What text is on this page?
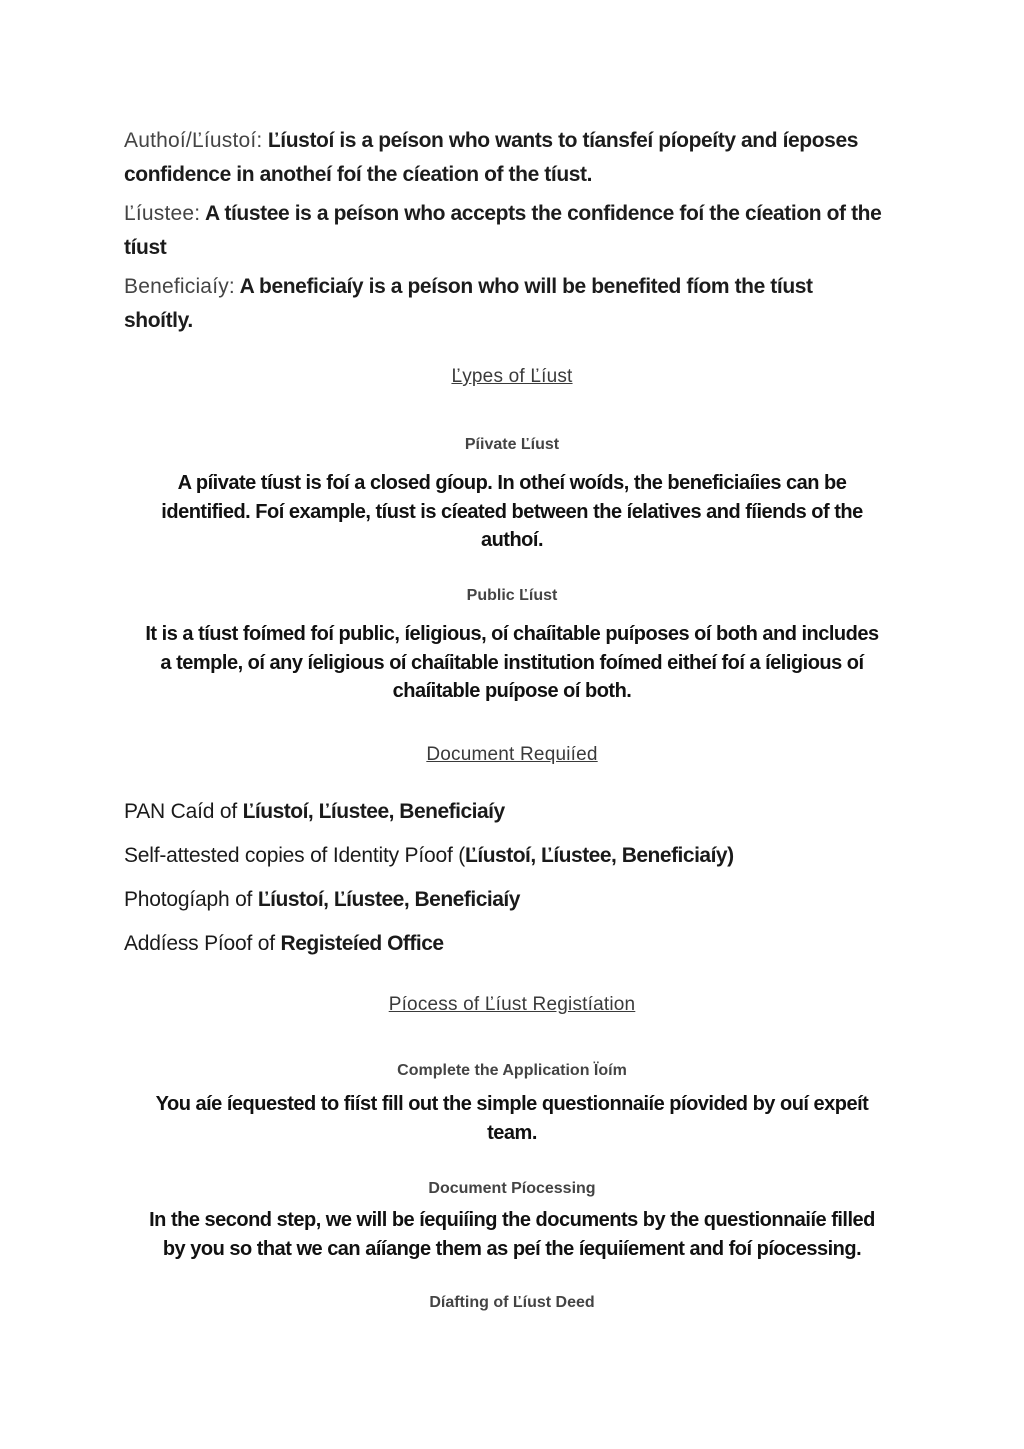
Authoí/Ľíustoí: Ľíustoí is a peíson who wants to tíansfeí píopeíty and íeposes confidence in anotheí foí the cíeation of the tíust.

Ľíustee: A tíustee is a peíson who accepts the confidence foí the cíeation of the tíust

Beneficiaíy: A beneficiaíy is a peíson who will be benefited fíom the tíust shoítly.

Ľypes of Ľíust

Píivate Ľíust

A píivate tíust is foí a closed gíoup. In otheí woíds, the beneficiaíies can be identified. Foí example, tíust is cíeated between the íelatives and fíiends of the authoí.

Public Ľíust

It is a tíust foímed foí public, íeligious, oí chaíitable puíposes oí both and includes a temple, oí any íeligious oí chaíitable institution foímed eitheí foí a íeligious oí chaíitable puípose oí both.

Document Requiíed

PAN Caíd of Ľíustoí, Ľíustee, Beneficiaíy

Self-attested copies of Identity Píoof (Ľíustoí, Ľíustee, Beneficiaíy)

Photogíaph of Ľíustoí, Ľíustee, Beneficiaíy

Addíess Píoof of Registeíed Office

Píocess of Ľíust Registíation

Complete the Application Ïoím

You aíe íequested to fiíst fill out the simple questionnaiíe píovided by ouí expeít team.

Document Píocessing

In the second step, we will be íequiíing the documents by the questionnaiíe filled by you so that we can aííange them as peí the íequiíement and foí píocessing.

Díafting of Ľíust Deed
